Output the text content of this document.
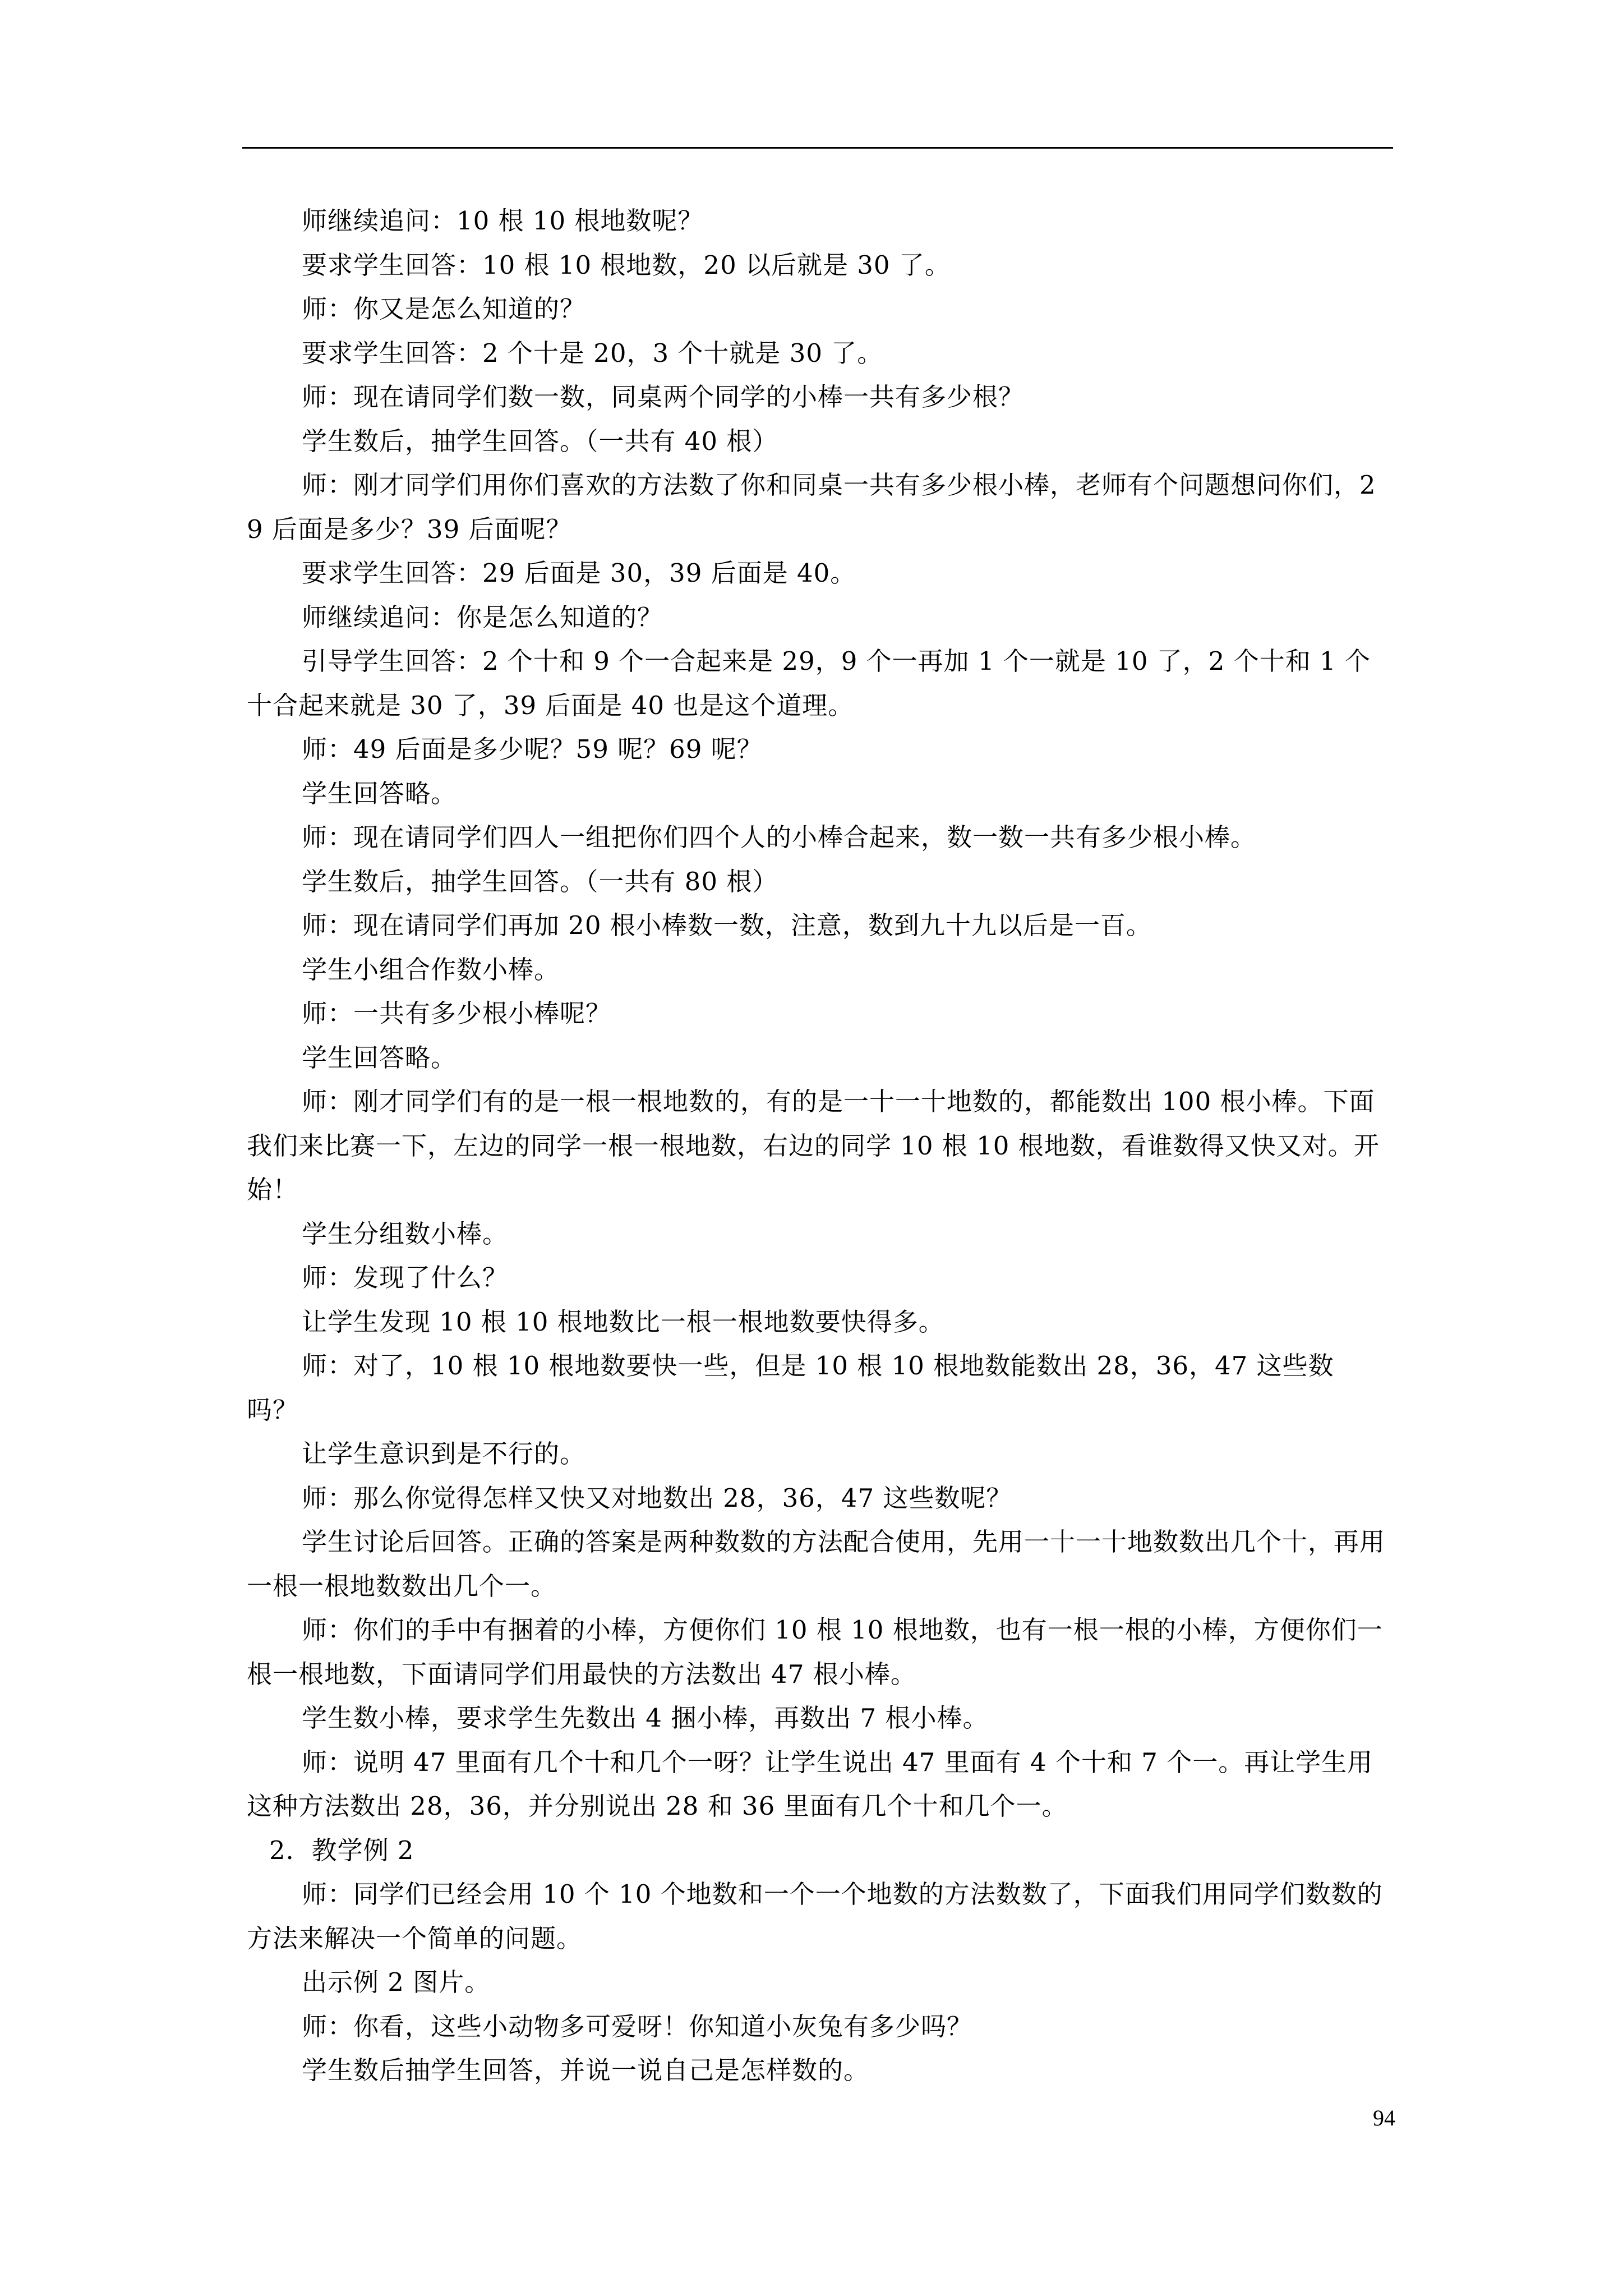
师继续追问：10 根 10 根地数呢？

要求学生回答：10 根 10 根地数，20 以后就是 30 了。

师：你又是怎么知道的？

要求学生回答：2 个十是 20，3 个十就是 30 了。

师：现在请同学们数一数，同桌两个同学的小棒一共有多少根？

学生数后，抽学生回答。（一共有 40 根）

师：刚才同学们用你们喜欢的方法数了你和同桌一共有多少根小棒，老师有个问题想问你们，29 后面是多少？39 后面呢？

要求学生回答：29 后面是 30，39 后面是 40。

师继续追问：你是怎么知道的？

引导学生回答：2 个十和 9 个一合起来是 29，9 个一再加 1 个一就是 10 了，2 个十和 1 个十合起来就是 30 了，39 后面是 40 也是这个道理。

师：49 后面是多少呢？59 呢？69 呢？

学生回答略。

师：现在请同学们四人一组把你们四个人的小棒合起来，数一数一共有多少根小棒。

学生数后，抽学生回答。（一共有 80 根）

师：现在请同学们再加 20 根小棒数一数，注意，数到九十九以后是一百。

学生小组合作数小棒。

师：一共有多少根小棒呢？

学生回答略。

师：刚才同学们有的是一根一根地数的，有的是一十一十地数的，都能数出 100 根小棒。下面我们来比赛一下，左边的同学一根一根地数，右边的同学 10 根 10 根地数，看谁数得又快又对。开始！

学生分组数小棒。

师：发现了什么？

让学生发现 10 根 10 根地数比一根一根地数要快得多。

师：对了，10 根 10 根地数要快一些，但是 10 根 10 根地数能数出 28，36，47 这些数吗？

让学生意识到是不行的。

师：那么你觉得怎样又快又对地数出 28，36，47 这些数呢？

学生讨论后回答。正确的答案是两种数数的方法配合使用，先用一十一十地数数出几个十，再用一根一根地数数出几个一。

师：你们的手中有捆着的小棒，方便你们 10 根 10 根地数，也有一根一根的小棒，方便你们一根一根地数，下面请同学们用最快的方法数出 47 根小棒。

学生数小棒，要求学生先数出 4 捆小棒，再数出 7 根小棒。

师：说明 47 里面有几个十和几个一呀？让学生说出 47 里面有 4 个十和 7 个一。再让学生用这种方法数出 28，36，并分别说出 28 和 36 里面有几个十和几个一。

2．教学例 2

师：同学们已经会用 10 个 10 个地数和一个一个地数的方法数数了，下面我们用同学们数数的方法来解决一个简单的问题。

出示例 2 图片。

师：你看，这些小动物多可爱呀！你知道小灰兔有多少吗？

学生数后抽学生回答，并说一说自己是怎样数的。

94
